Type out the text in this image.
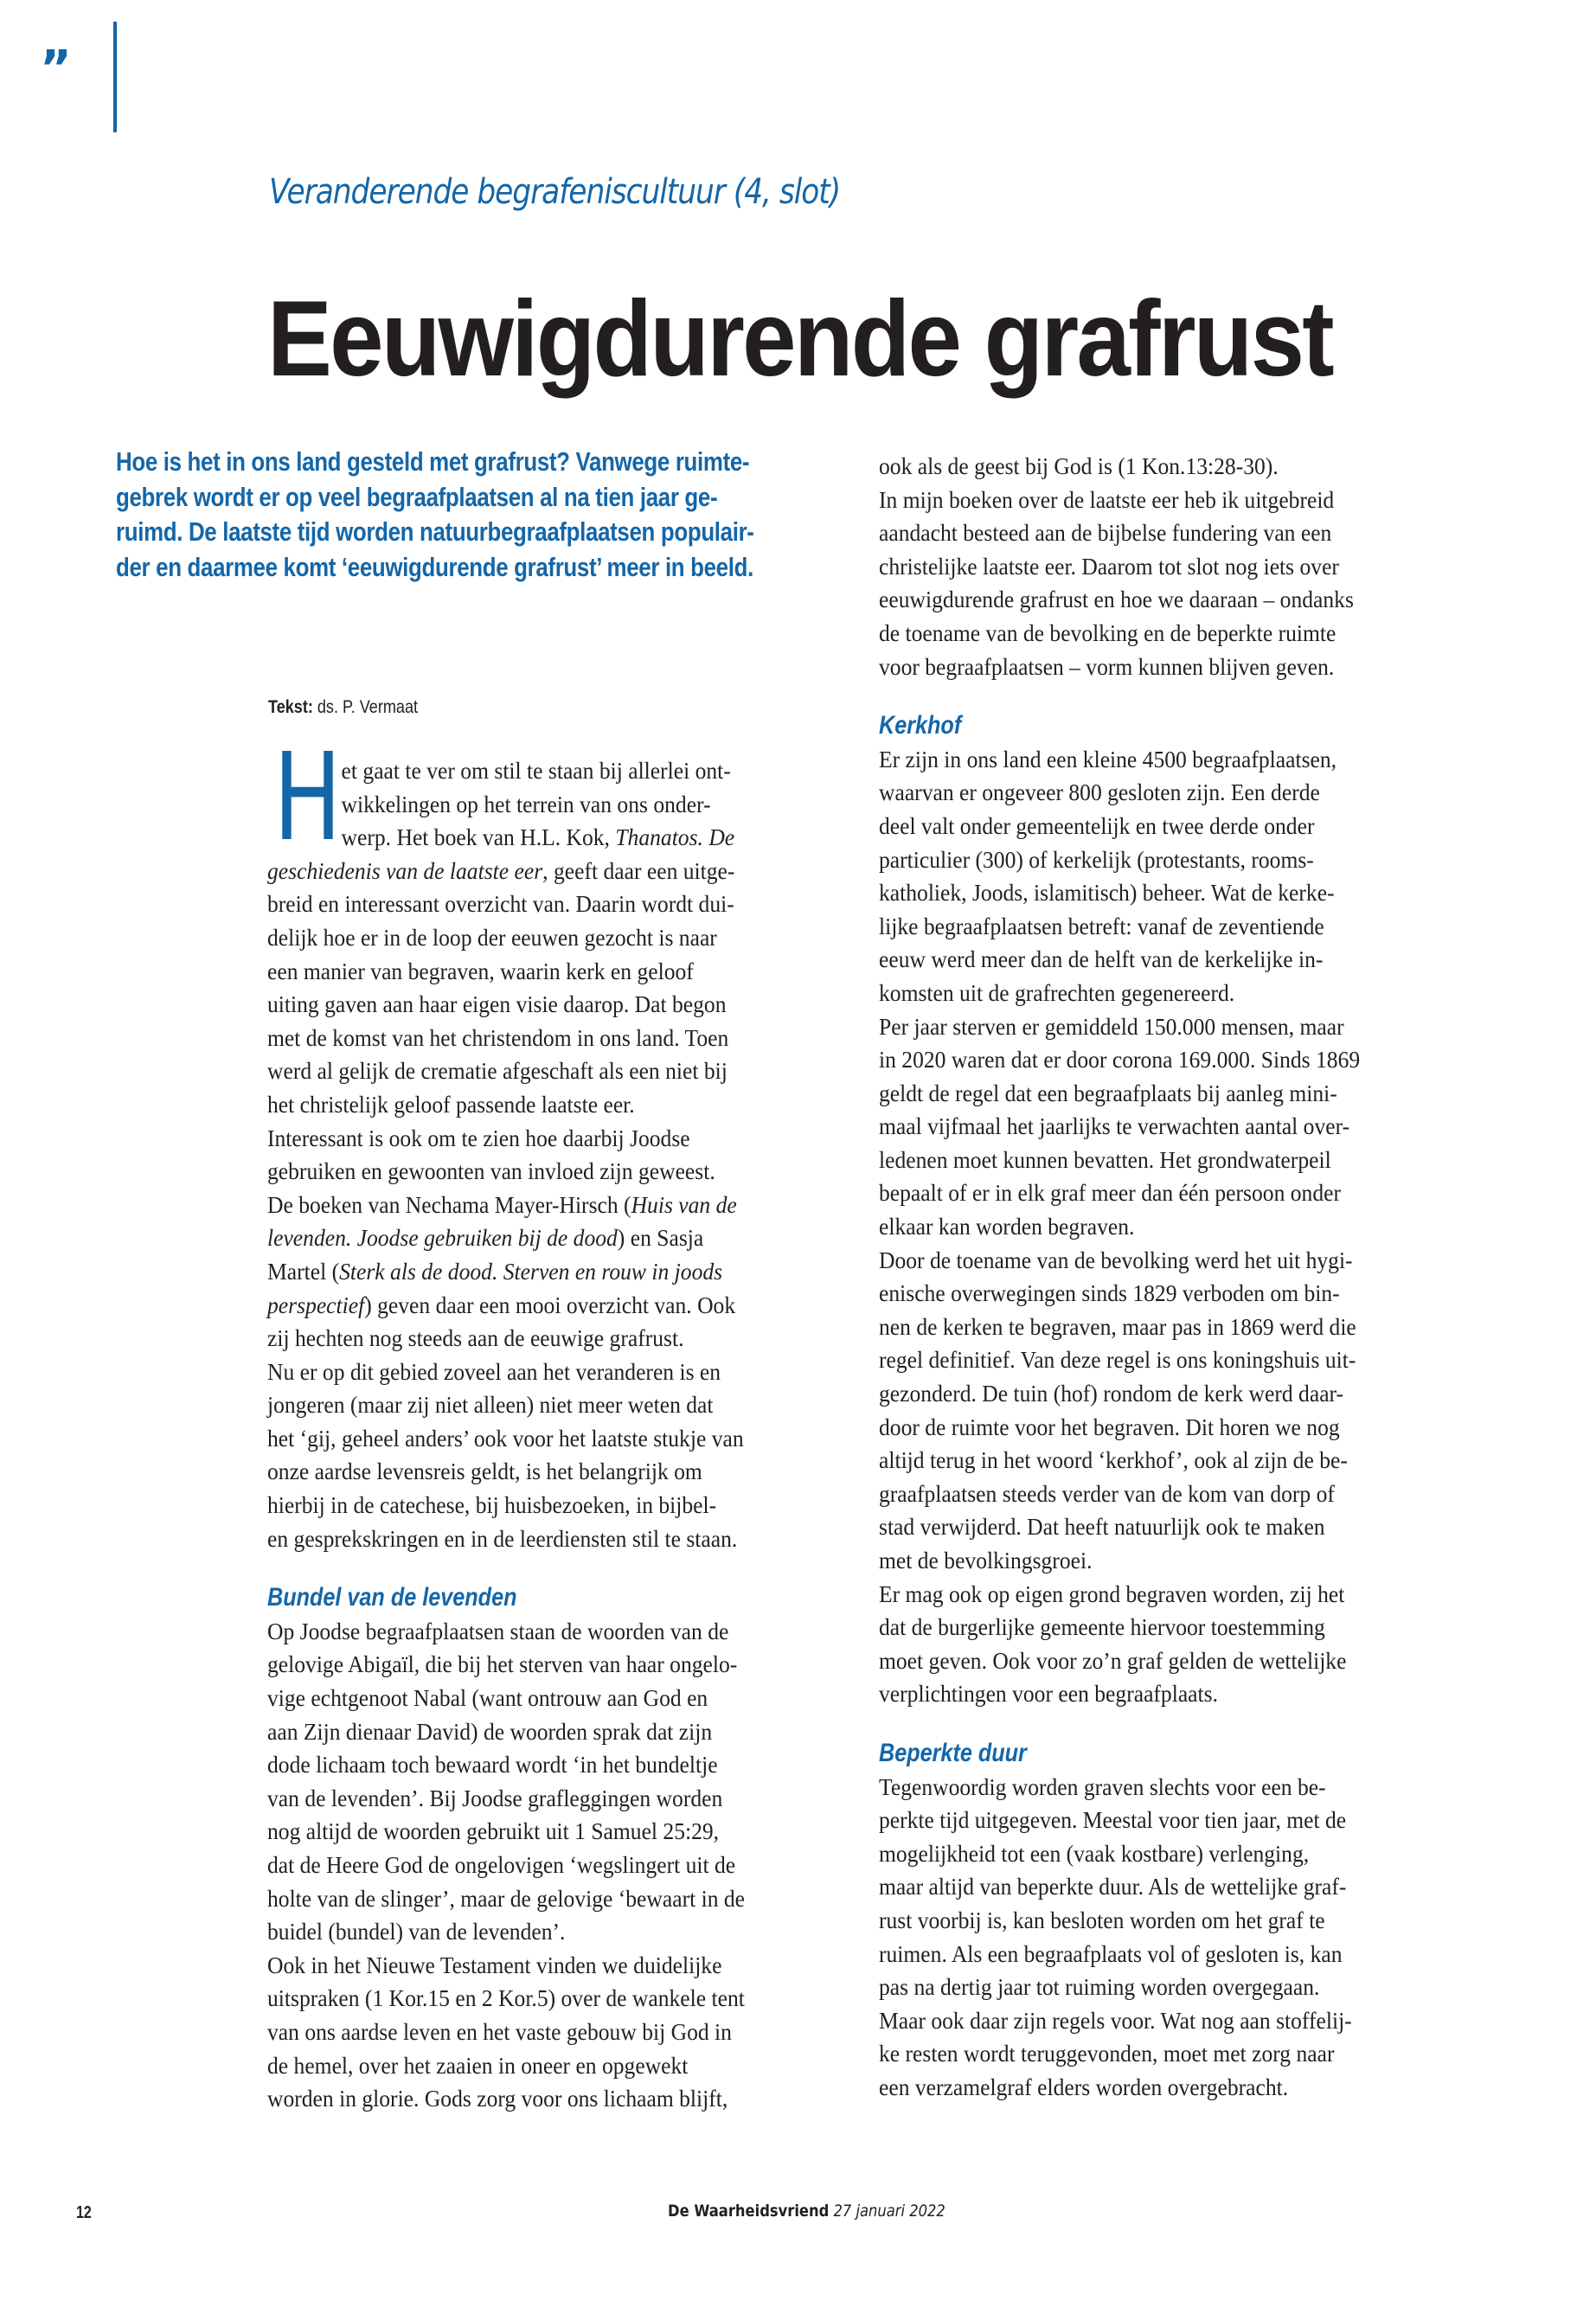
”
Veranderende begrafeniscultuur (4, slot)
Eeuwigdurende grafrust
Hoe is het in ons land gesteld met grafrust? Vanwege ruimte-
gebrek wordt er op veel begraafplaatsen al na tien jaar ge-
ruimd. De laatste tijd worden natuurbegraafplaatsen populair-
der en daarmee komt ‘eeuwigdurende grafrust’ meer in beeld.
Tekst: ds. P. Vermaat
H et gaat te ver om stil te staan bij allerlei ont-
wikkelingen op het terrein van ons onder-
werp. Het boek van H.L. Kok, Thanatos. De
geschiedenis van de laatste eer, geeft daar een uitge-
breid en interessant overzicht van. Daarin wordt dui-
delijk hoe er in de loop der eeuwen gezocht is naar
een manier van begraven, waarin kerk en geloof
uiting gaven aan haar eigen visie daarop. Dat begon
met de komst van het christendom in ons land. Toen
werd al gelijk de crematie afgeschaft als een niet bij
het christelijk geloof passende laatste eer.
Interessant is ook om te zien hoe daarbij Joodse
gebruiken en gewoonten van invloed zijn geweest.
De boeken van Nechama Mayer-Hirsch (Huis van de
levenden. Joodse gebruiken bij de dood) en Sasja
Martel (Sterk als de dood. Sterven en rouw in joods
perspectief) geven daar een mooi overzicht van. Ook
zij hechten nog steeds aan de eeuwige grafrust.
Nu er op dit gebied zoveel aan het veranderen is en
jongeren (maar zij niet alleen) niet meer weten dat
het ‘gij, geheel anders’ ook voor het laatste stukje van
onze aardse levensreis geldt, is het belangrijk om
hierbij in de catechese, bij huisbezoeken, in bijbel-
en gesprekskringen en in de leerdiensten stil te staan.
Bundel van de levenden
Op Joodse begraafplaatsen staan de woorden van de
gelovige Abigaïl, die bij het sterven van haar ongelo-
vige echtgenoot Nabal (want ontrouw aan God en
aan Zijn dienaar David) de woorden sprak dat zijn
dode lichaam toch bewaard wordt ‘in het bundeltje
van de levenden’. Bij Joodse grafleggingen worden
nog altijd de woorden gebruikt uit 1 Samuel 25:29,
dat de Heere God de ongelovigen ‘wegslingert uit de
holte van de slinger’, maar de gelovige ‘bewaart in de
buidel (bundel) van de levenden’.
Ook in het Nieuwe Testament vinden we duidelijke
uitspraken (1 Kor.15 en 2 Kor.5) over de wankele tent
van ons aardse leven en het vaste gebouw bij God in
de hemel, over het zaaien in oneer en opgewekt
worden in glorie. Gods zorg voor ons lichaam blijft,
ook als de geest bij God is (1 Kon.13:28-30).
In mijn boeken over de laatste eer heb ik uitgebreid
aandacht besteed aan de bijbelse fundering van een
christelijke laatste eer. Daarom tot slot nog iets over
eeuwigdurende grafrust en hoe we daaraan – ondanks
de toename van de bevolking en de beperkte ruimte
voor begraafplaatsen – vorm kunnen blijven geven.
Kerkhof
Er zijn in ons land een kleine 4500 begraafplaatsen,
waarvan er ongeveer 800 gesloten zijn. Een derde
deel valt onder gemeentelijk en twee derde onder
particulier (300) of kerkelijk (protestants, rooms-
katholiek, Joods, islamitisch) beheer. Wat de kerke-
lijke begraafplaatsen betreft: vanaf de zeventiende
eeuw werd meer dan de helft van de kerkelijke in-
komsten uit de grafrechten gegenereerd.
Per jaar sterven er gemiddeld 150.000 mensen, maar
in 2020 waren dat er door corona 169.000. Sinds 1869
geldt de regel dat een begraafplaats bij aanleg mini-
maal vijfmaal het jaarlijks te verwachten aantal over-
ledenen moet kunnen bevatten. Het grondwaterpeil
bepaalt of er in elk graf meer dan één persoon onder
elkaar kan worden begraven.
Door de toename van de bevolking werd het uit hygi-
enische overwegingen sinds 1829 verboden om bin-
nen de kerken te begraven, maar pas in 1869 werd die
regel definitief. Van deze regel is ons koningshuis uit-
gezonderd. De tuin (hof) rondom de kerk werd daar-
door de ruimte voor het begraven. Dit horen we nog
altijd terug in het woord ‘kerkhof’, ook al zijn de be-
graafplaatsen steeds verder van de kom van dorp of
stad verwijderd. Dat heeft natuurlijk ook te maken
met de bevolkingsgroei.
Er mag ook op eigen grond begraven worden, zij het
dat de burgerlijke gemeente hiervoor toestemming
moet geven. Ook voor zo’n graf gelden de wettelijke
verplichtingen voor een begraafplaats.
Beperkte duur
Tegenwoordig worden graven slechts voor een be-
perkte tijd uitgegeven. Meestal voor tien jaar, met de
mogelijkheid tot een (vaak kostbare) verlenging,
maar altijd van beperkte duur. Als de wettelijke graf-
rust voorbij is, kan besloten worden om het graf te
ruimen. Als een begraafplaats vol of gesloten is, kan
pas na dertig jaar tot ruiming worden overgegaan.
Maar ook daar zijn regels voor. Wat nog aan stoffelij-
ke resten wordt teruggevonden, moet met zorg naar
een verzamelgraf elders worden overgebracht.
12	De Waarheidsvriend 27 januari 2022
